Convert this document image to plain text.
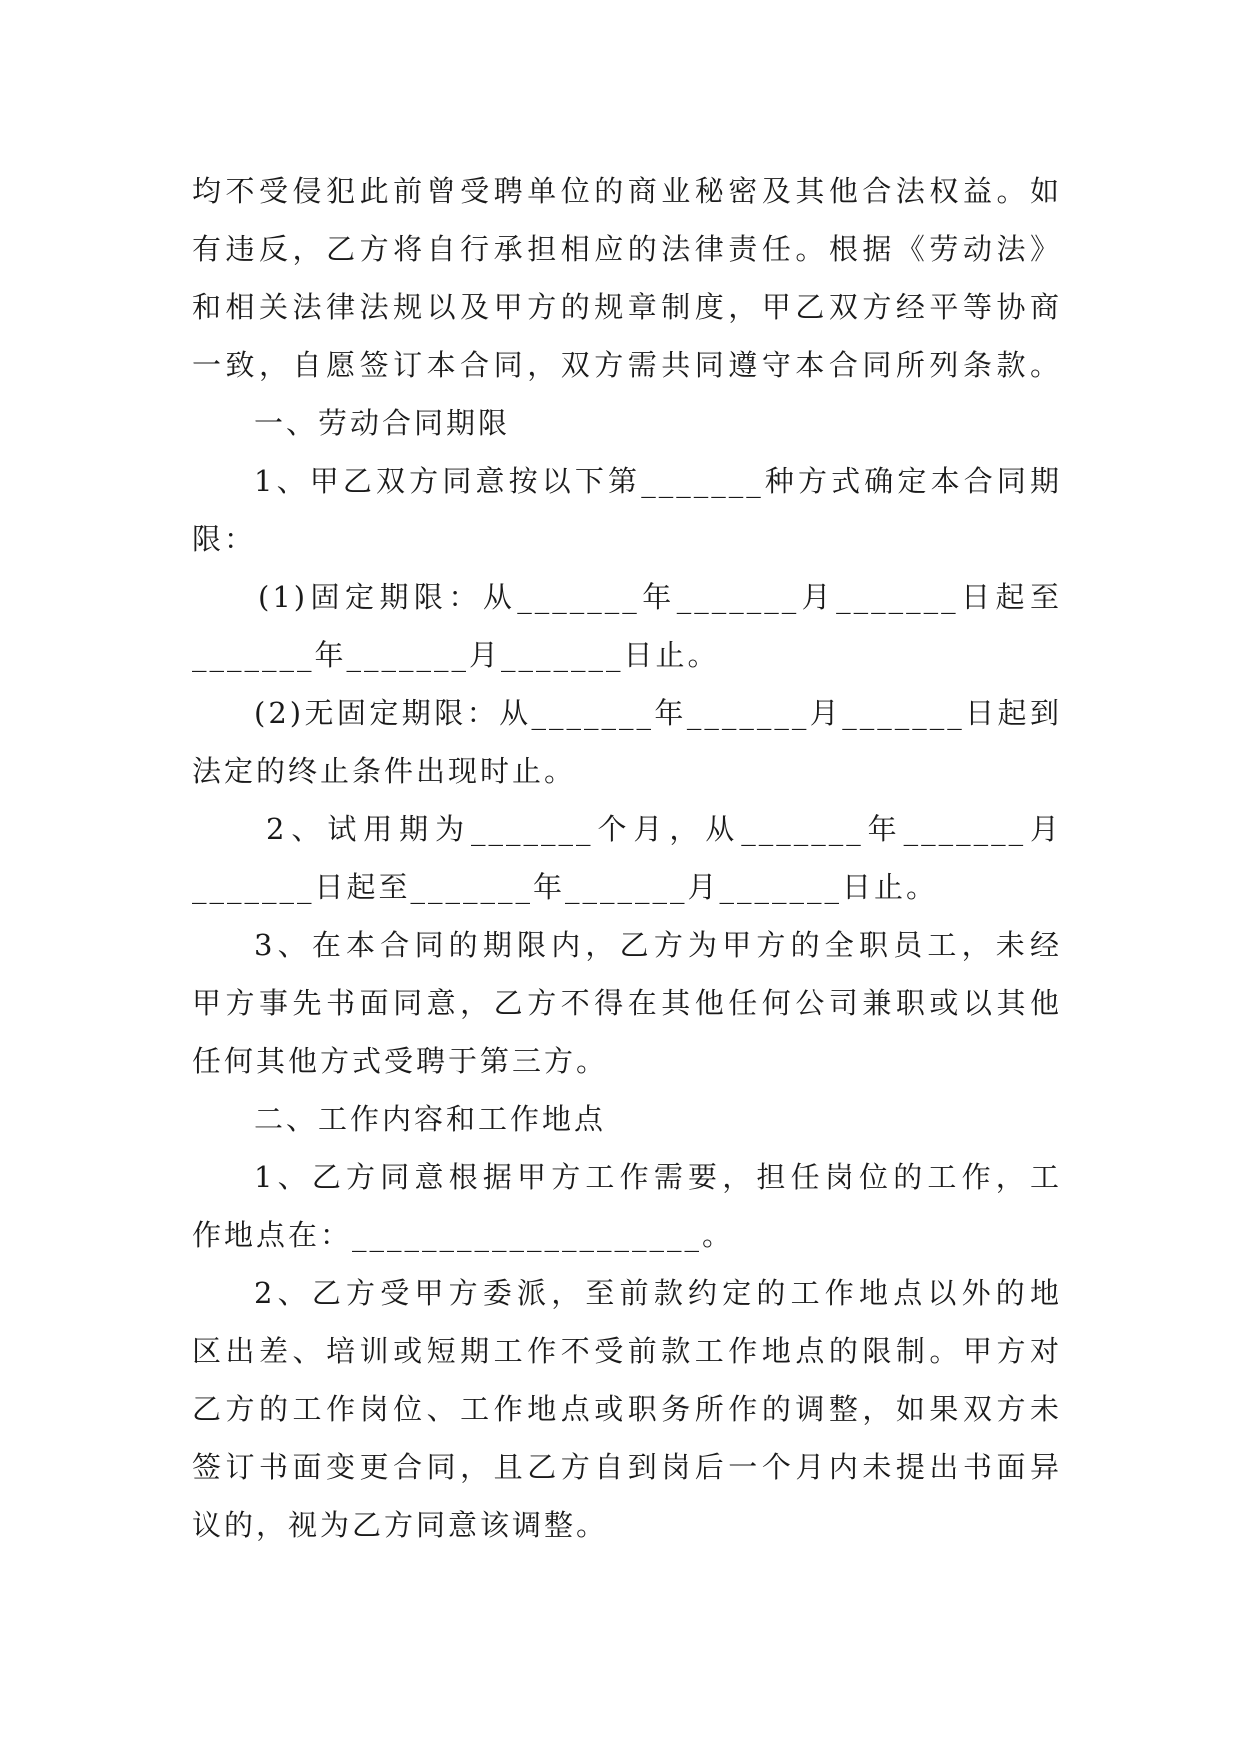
均不受侵犯此前曾受聘单位的商业秘密及其他合法权益。如
有违反，乙方将自行承担相应的法律责任。根据《劳动法》
和相关法律法规以及甲方的规章制度，甲乙双方经平等协商
一致，自愿签订本合同，双方需共同遵守本合同所列条款。
一、劳动合同期限
1、甲乙双方同意按以下第_______种方式确定本合同期
限：
(1)固定期限：从_______年_______月_______日起至
_______年_______月_______日止。
(2)无固定期限：从_______年_______月_______日起到
法定的终止条件出现时止。
2、试用期为_______个月，从_______年_______月
_______日起至_______年_______月_______日止。
3、在本合同的期限内，乙方为甲方的全职员工，未经
甲方事先书面同意，乙方不得在其他任何公司兼职或以其他
任何其他方式受聘于第三方。
二、工作内容和工作地点
1、乙方同意根据甲方工作需要，担任岗位的工作，工
作地点在：____________________。
2、乙方受甲方委派，至前款约定的工作地点以外的地
区出差、培训或短期工作不受前款工作地点的限制。甲方对
乙方的工作岗位、工作地点或职务所作的调整，如果双方未
签订书面变更合同，且乙方自到岗后一个月内未提出书面异
议的，视为乙方同意该调整。
